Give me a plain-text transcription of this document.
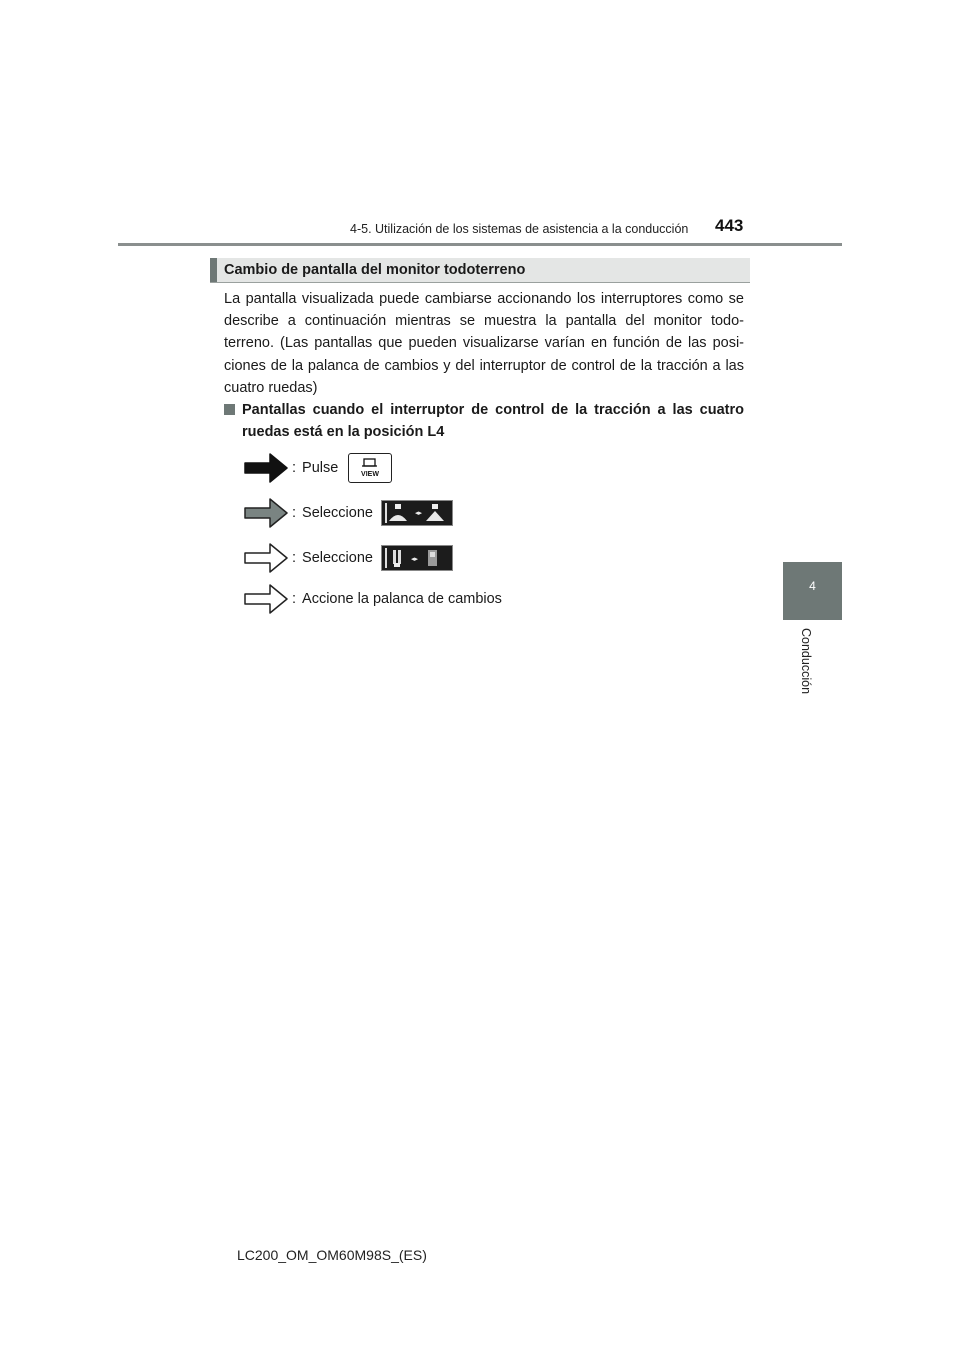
4-5. Utilización de los sistemas de asistencia a la conducción 443
4
Conducción
Cambio de pantalla del monitor todoterreno
La pantalla visualizada puede cambiarse accionando los interruptores como se describe a continuación mientras se muestra la pantalla del monitor todo-terreno. (Las pantallas que pueden visualizarse varían en función de las posi-ciones de la palanca de cambios y del interruptor de control de la tracción a las cuatro ruedas)
Pantallas cuando el interruptor de control de la tracción a las cuatro ruedas está en la posición L4
: Pulse	VIEW
: Seleccione	◂▸
: Seleccione	◂▸
: Accione la palanca de cambios
LC200_OM_OM60M98S_(ES)
